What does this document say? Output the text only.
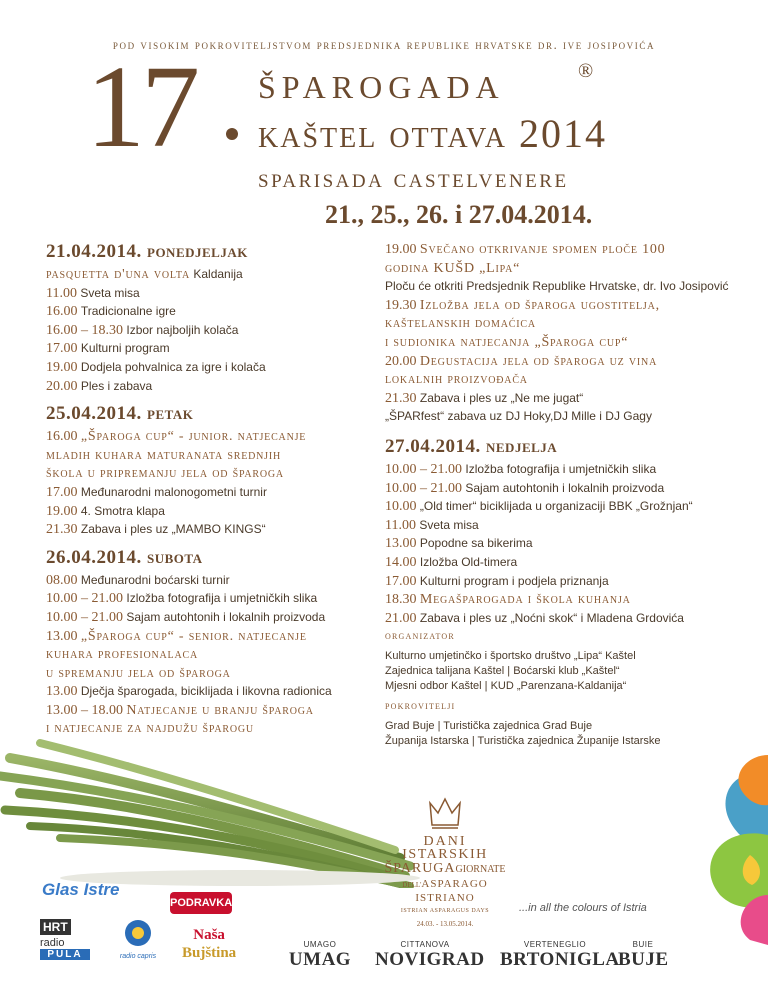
pod visokim pokroviteljstvom predsjednika republike hrvatske dr. ive josipovića
17 šparogada	®
kaštel ottava 2014
sparisada castelvenere
21., 25., 26. i 27.04.2014.
21.04.2014. ponedjeljak
pasquetta d'una volta Kaldanija
11.00 Sveta misa
16.00 Tradicionalne igre
16.00 – 18.30 Izbor najboljih kolača
17.00 Kulturni program
19.00 Dodjela pohvalnica za igre i kolača
20.00 Ples i zabava
25.04.2014. petak
16.00 „Šparoga cup“ - junior. natjecanje
mladih kuhara maturanata srednjih
škola u pripremanju jela od šparoga
17.00 Međunarodni malonogometni turnir
19.00 4. Smotra klapa
21.30 Zabava i ples uz „MAMBO KINGS“
26.04.2014. subota
08.00 Međunarodni boćarski turnir
10.00 – 21.00 Izložba fotografija i umjetničkih slika
10.00 – 21.00 Sajam autohtonih i lokalnih proizvoda
13.00 „Šparoga cup“ - senior. natjecanje
kuhara profesionalaca
u spremanju jela od šparoga
13.00 Dječja šparogada, biciklijada i likovna radionica
13.00 – 18.00 Natjecanje u branju šparoga
i natjecanje za najdužu šparogu
19.00 Svečano otkrivanje spomen ploče 100
godina KUŠD „Lipa“
Ploču će otkriti Predsjednik Republike Hrvatske, dr. Ivo Josipović
19.30 Izložba jela od šparoga ugostitelja,
kaštelanskih domaćica
i sudionika natjecanja „Šparoga cup“
20.00 Degustacija jela od šparoga uz vina
lokalnih proizvođača
21.30 Zabava i ples uz „Ne me jugat“
„ŠPARfest“ zabava uz DJ Hoky,DJ Mille i DJ Gagy
27.04.2014. nedjelja
10.00 – 21.00 Izložba fotografija i umjetničkih slika
10.00 – 21.00 Sajam autohtonih i lokalnih proizvoda
10.00 „Old timer“ biciklijada u organizaciji BBK „Grožnjan“
11.00 Sveta misa
13.00 Popodne sa bikerima
14.00 Izložba Old-timera
17.00 Kulturni program i podjela priznanja
18.30 Megašparogada i škola kuhanja
21.00 Zabava i ples uz „Noćni skok“ i Mladena Grdovića
organizator
Kulturno umjetinčko i športsko društvo „Lipa“ Kaštel
Zajednica talijana Kaštel | Boćarski klub „Kaštel“
Mjesni odbor Kaštel | KUD „Parenzana-Kaldanija“
pokrovitelji
Grad Buje | Turistička zajednica Grad Buje
Županija Istarska | Turistička zajednica Županije Istarske
DANI
ISTARSKIH
ŠPARUGAGIORNATE
DELL'ASPARAGO
ISTRIANO
ISTRIAN ASPARAGUS DAYS
24.03. - 13.05.2014.
...in all the colours of Istria
Glas Istre
HRT
radio
PULA	radio capris
PODRAVKA
Naša
Bujština
UMAGO
UMAG
CITTANOVA
NOVIGRAD
VERTENEGLIO
BRTONIGLA
BUIE
BUJE
